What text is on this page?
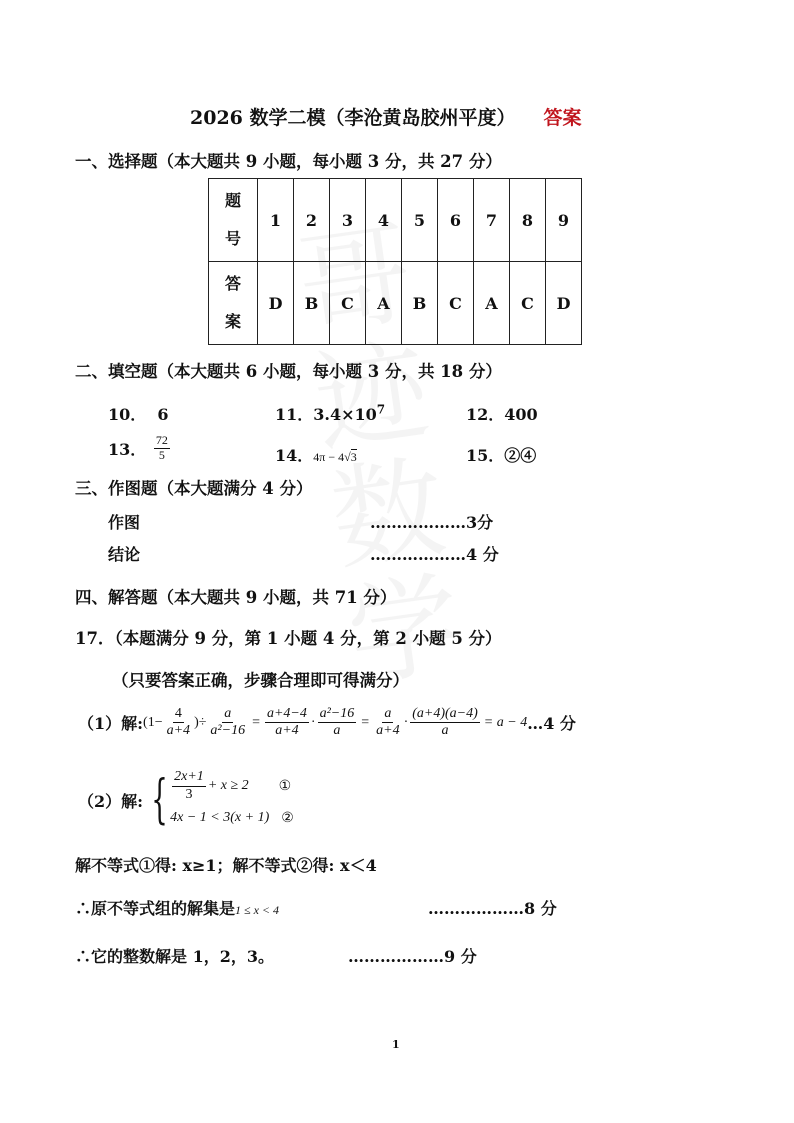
2026 数学二模（李沧黄岛胶州平度） 答案
一、选择题（本大题共 9 小题，每小题 3 分，共 27 分）
题
号	1	2	3	4	5	6	7	8	9
答
案	D	B	C	A	B	C	A	C	D
二、填空题（本大题共 6 小题，每小题 3 分，共 18 分）
10． 6	11．$3.4\times 10^7$	12．400
13． $\frac{72}{5}$	14．4π − 4√3	15．②④
三、作图题（本大题满分 4 分）
作图	………………3分
结论	………………4 分
四、解答题（本大题共 9 小题，共 71 分）
17．（本题满分 9 分，第 1 小题 4 分，第 2 小题 5 分）
（只要答案正确，步骤合理即可得满分）
（1）解: ($1- \frac{4}{a+4}$ )÷ $\frac{a}{\text{a²−16}} = \frac{a+4-4}{a+4} \cdot \frac{\text{a²−16}}{a} = \frac{a}{a+4} \cdot \frac{(a+4)(a-4)}{a} = a - 4$ …4 分
（2）解: { $\frac{2x+1}{3} + x \ge 2$ ①
4x − 1 < 3(x + 1) ②
解不等式①得: x≥1；解不等式②得: x＜4
∴原不等式组的解集是1 ≤ x < 4	………………8 分
∴它的整数解是 1，2，3。	………………9 分
1
